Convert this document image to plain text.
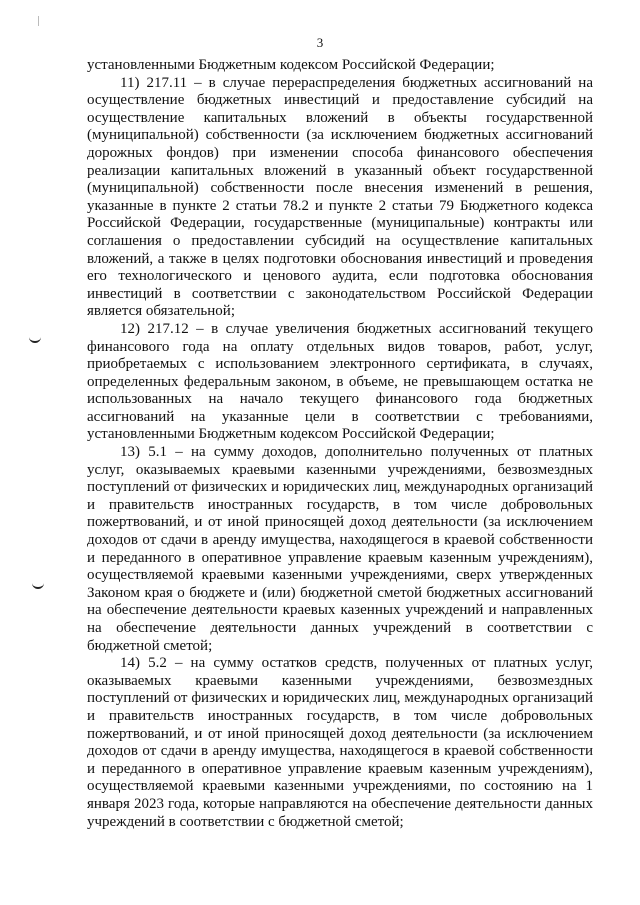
3

установленными Бюджетным кодексом Российской Федерации;

11) 217.11 – в случае перераспределения бюджетных ассигнований на осуществление бюджетных инвестиций и предоставление субсидий на осуществление капитальных вложений в объекты государственной (муниципальной) собственности (за исключением бюджетных ассигнований дорожных фондов) при изменении способа финансового обеспечения реализации капитальных вложений в указанный объект государственной (муниципальной) собственности после внесения изменений в решения, указанные в пункте 2 статьи 78.2 и пункте 2 статьи 79 Бюджетного кодекса Российской Федерации, государственные (муниципальные) контракты или соглашения о предоставлении субсидий на осуществление капитальных вложений, а также в целях подготовки обоснования инвестиций и проведения его технологического и ценового аудита, если подготовка обоснования инвестиций в соответствии с законодательством Российской Федерации является обязательной;

12) 217.12 – в случае увеличения бюджетных ассигнований текущего финансового года на оплату отдельных видов товаров, работ, услуг, приобретаемых с использованием электронного сертификата, в случаях, определенных федеральным законом, в объеме, не превышающем остатка не использованных на начало текущего финансового года бюджетных ассигнований на указанные цели в соответствии с требованиями, установленными Бюджетным кодексом Российской Федерации;

13) 5.1 – на сумму доходов, дополнительно полученных от платных услуг, оказываемых краевыми казенными учреждениями, безвозмездных поступлений от физических и юридических лиц, международных организаций и правительств иностранных государств, в том числе добровольных пожертвований, и от иной приносящей доход деятельности (за исключением доходов от сдачи в аренду имущества, находящегося в краевой собственности и переданного в оперативное управление краевым казенным учреждениям), осуществляемой краевыми казенными учреждениями, сверх утвержденных Законом края о бюджете и (или) бюджетной сметой бюджетных ассигнований на обеспечение деятельности краевых казенных учреждений и направленных на обеспечение деятельности данных учреждений в соответствии с бюджетной сметой;

14) 5.2 – на сумму остатков средств, полученных от платных услуг, оказываемых краевыми казенными учреждениями, безвозмездных поступлений от физических и юридических лиц, международных организаций и правительств иностранных государств, в том числе добровольных пожертвований, и от иной приносящей доход деятельности (за исключением доходов от сдачи в аренду имущества, находящегося в краевой собственности и переданного в оперативное управление краевым казенным учреждениям), осуществляемой краевыми казенными учреждениями, по состоянию на 1 января 2023 года, которые направляются на обеспечение деятельности данных учреждений в соответствии с бюджетной сметой;
